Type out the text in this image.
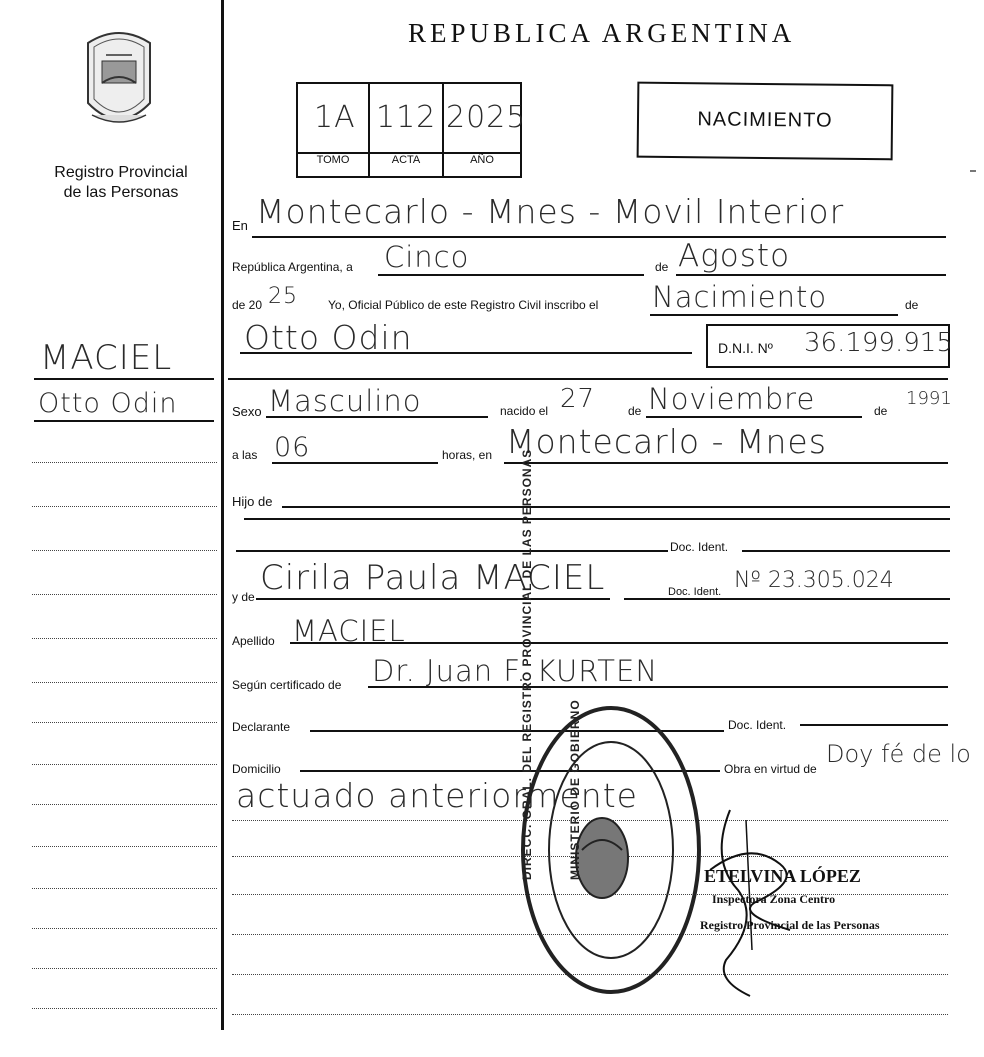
Registro Provincial
de las Personas
MACIEL
Otto Odin
REPUBLICA ARGENTINA
1A 112 2025
TOMO	ACTA	AÑO
NACIMIENTO
En Montecarlo - Mnes - Movil Interior
República Argentina, a Cinco	de Agosto
de 20 25	Yo, Oficial Público de este Registro Civil inscribo el Nacimiento	de
Otto Odin	D.N.I. Nº 36.199.915
Sexo Masculino	nacido el 27	de Noviembre	de
1991
a las 06	horas, en Montecarlo - Mnes
Hijo de
Doc. Ident.
y de Cirila Paula MACIEL	Doc. Ident. Nº 23.305.024
Apellido MACIEL
Según certificado de Dr. Juan F. KURTEN
Declarante	Doc. Ident.
Domicilio	Obra en virtud de
Doy fé de lo
actuado anteriormente
DIRECC. GRAL. DEL REGISTRO PROVINCIAL DE LAS PERSONAS	MINISTERIO DE GOBIERNO	ETELVINA LÓPEZ
Inspectora Zona Centro
Registro Provincial de las Personas
